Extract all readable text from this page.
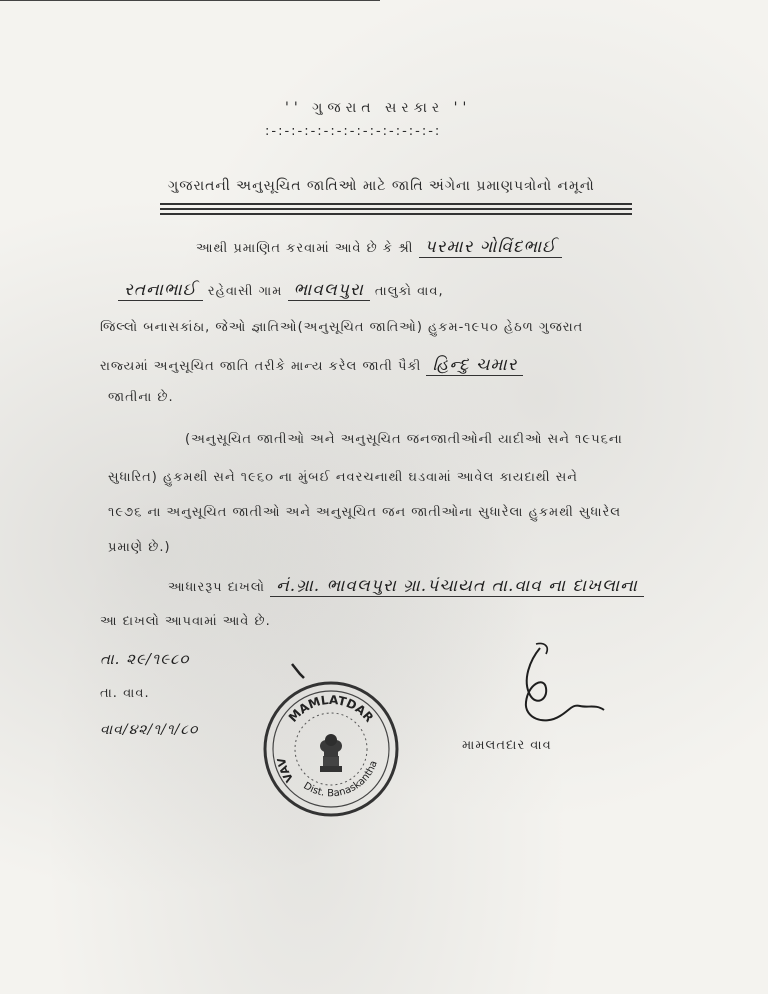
'' ગુજરાત સરકાર ''
:-:-:-:-:-:-:-:-:-:-:-:-:-:
ગુજરાતની અનુસૂચિત જાતિઓ માટે જાતિ અંગેના પ્રમાણપત્રોનો નમૂનો
આથી પ્રમાણિત કરવામાં આવે છે કે શ્રી પરમાર ગોવિંદભાઈ
રતનાભાઈ રહેવાસી ગામ ભાવલપુરા તાલુકો વાવ,
જિલ્લો બનાસકાંઠા, જેઓ જ્ઞાતિઓ(અનુસૂચિત જાતિઓ) હુકમ-૧૯૫૦ હેઠળ ગુજરાત
રાજ્યમાં અનુસૂચિત જાતિ તરીકે માન્ય કરેલ જાતી પૈકી હિન્દુ ચમાર
જાતીના છે.
(અનુસૂચિત જાતીઓ અને અનુસૂચિત જનજાતીઓની યાદીઓ સને ૧૯૫૬ના
સુધારિત) હુકમથી સને ૧૯૬૦ ના મુંબઈ નવરચનાથી ઘડવામાં આવેલ કાયદાથી સને
૧૯૭૬ ના અનુસૂચિત જાતીઓ અને અનુસૂચિત જન જાતીઓના સુધારેલા હુકમથી સુધારેલ
પ્રમાણે છે.)
આધારરૂપ દાખલો નં.ગ્રા. ભાવલપુરા ગ્રા.પંચાયત તા.વાવ ના દાખલાના
આ દાખલો આપવામાં આવે છે.
તા. ૨૯/૧૯૮૦
તા. વાવ.
વાવ/૪૨/૧/૧/૮૦
MAMLATDAR
Dist. Banaskantha
VAV
મામલતદાર વાવ
